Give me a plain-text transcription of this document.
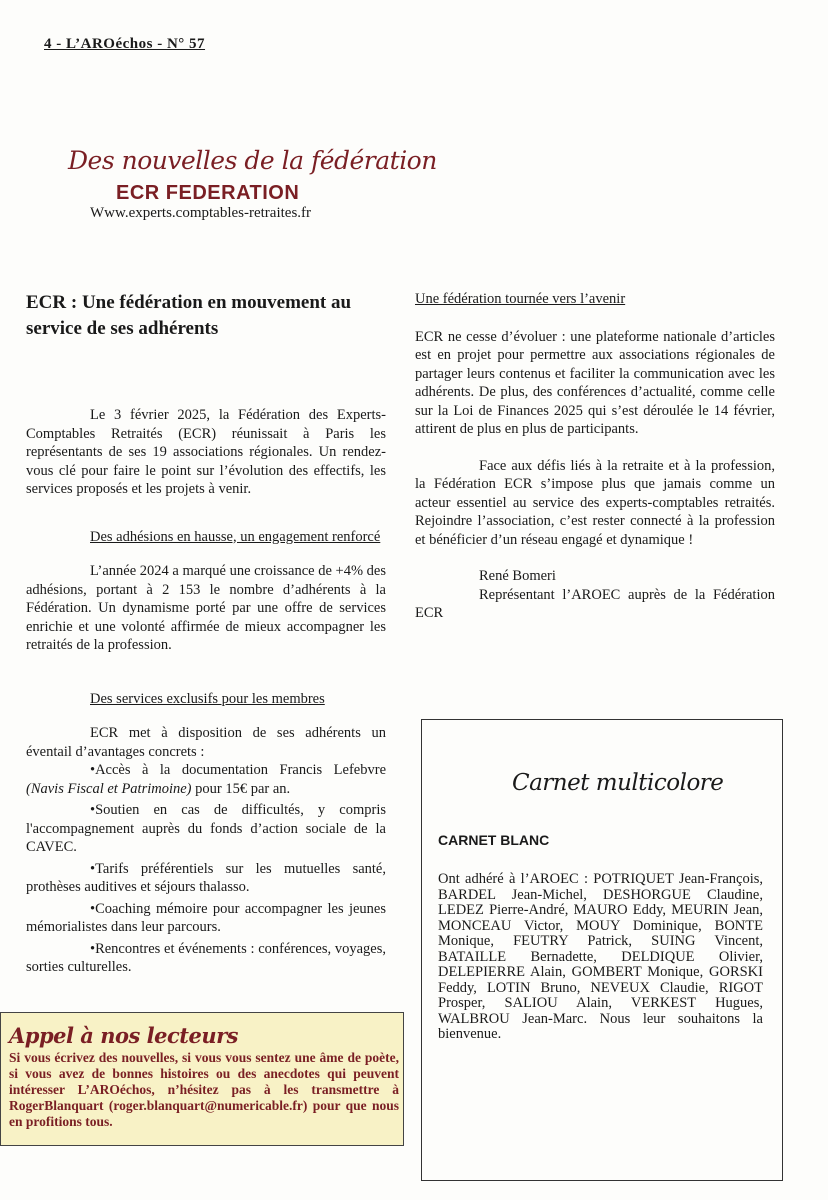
4 - L’AROéchos - N° 57
Des nouvelles de la fédération
ECR FEDERATION
Www.experts.comptables-retraites.fr
ECR : Une fédération en mouvement au service de ses adhérents

Le 3 février 2025, la Fédération des Experts-Comptables Retraités (ECR) réunissait à Paris les représentants de ses 19 associations régionales. Un rendez-vous clé pour faire le point sur l’évolution des effectifs, les services proposés et les projets à venir.

Des adhésions en hausse, un engagement renforcé

L’année 2024 a marqué une croissance de +4% des adhésions, portant à 2 153 le nombre d’adhérents à la Fédération. Un dynamisme porté par une offre de services enrichie et une volonté affirmée de mieux accompagner les retraités de la profession.

Des services exclusifs pour les membres

ECR met à disposition de ses adhérents un éventail d’avantages concrets :

•Accès à la documentation Francis Lefebvre (Navis Fiscal et Patrimoine) pour 15€ par an.

•Soutien en cas de difficultés, y compris l'accompagnement auprès du fonds d’action sociale de la CAVEC.

•Tarifs préférentiels sur les mutuelles santé, prothèses auditives et séjours thalasso.

•Coaching mémoire pour accompagner les jeunes mémorialistes dans leur parcours.

•Rencontres et événements : conférences, voyages, sorties culturelles.

Une fédération tournée vers l’avenir

ECR ne cesse d’évoluer : une plateforme nationale d’articles est en projet pour permettre aux associations régionales de partager leurs contenus et faciliter la communication avec les adhérents. De plus, des conférences d’actualité, comme celle sur la Loi de Finances 2025 qui s’est déroulée le 14 février, attirent de plus en plus de participants.

Face aux défis liés à la retraite et à la profession, la Fédération ECR s’impose plus que jamais comme un acteur essentiel au service des experts-comptables retraités. Rejoindre l’association, c’est rester connecté à la profession et bénéficier d’un réseau engagé et dynamique !

René Bomeri

Représentant l’AROEC auprès de la Fédération ECR

Carnet multicolore
CARNET BLANC
Ont adhéré à l’AROEC : POTRIQUET Jean-François, BARDEL Jean-Michel, DESHORGUE Claudine, LEDEZ Pierre-André, MAURO Eddy, MEURIN Jean, MONCEAU Victor, MOUY Dominique, BONTE Monique, FEUTRY Patrick, SUING Vincent, BATAILLE Bernadette, DELDIQUE Olivier, DELEPIERRE Alain, GOMBERT Monique, GORSKI Feddy, LOTIN Bruno, NEVEUX Claudie, RIGOT Prosper, SALIOU Alain, VERKEST Hugues, WALBROU Jean-Marc. Nous leur souhaitons la bienvenue.
Appel à nos lecteurs
Si vous écrivez des nouvelles, si vous vous sentez une âme de poète, si vous avez de bonnes histoires ou des anecdotes qui peuvent intéresser L’AROéchos, n’hésitez pas à les transmettre à RogerBlanquart (roger.blanquart@numericable.fr) pour que nous en profitions tous.
